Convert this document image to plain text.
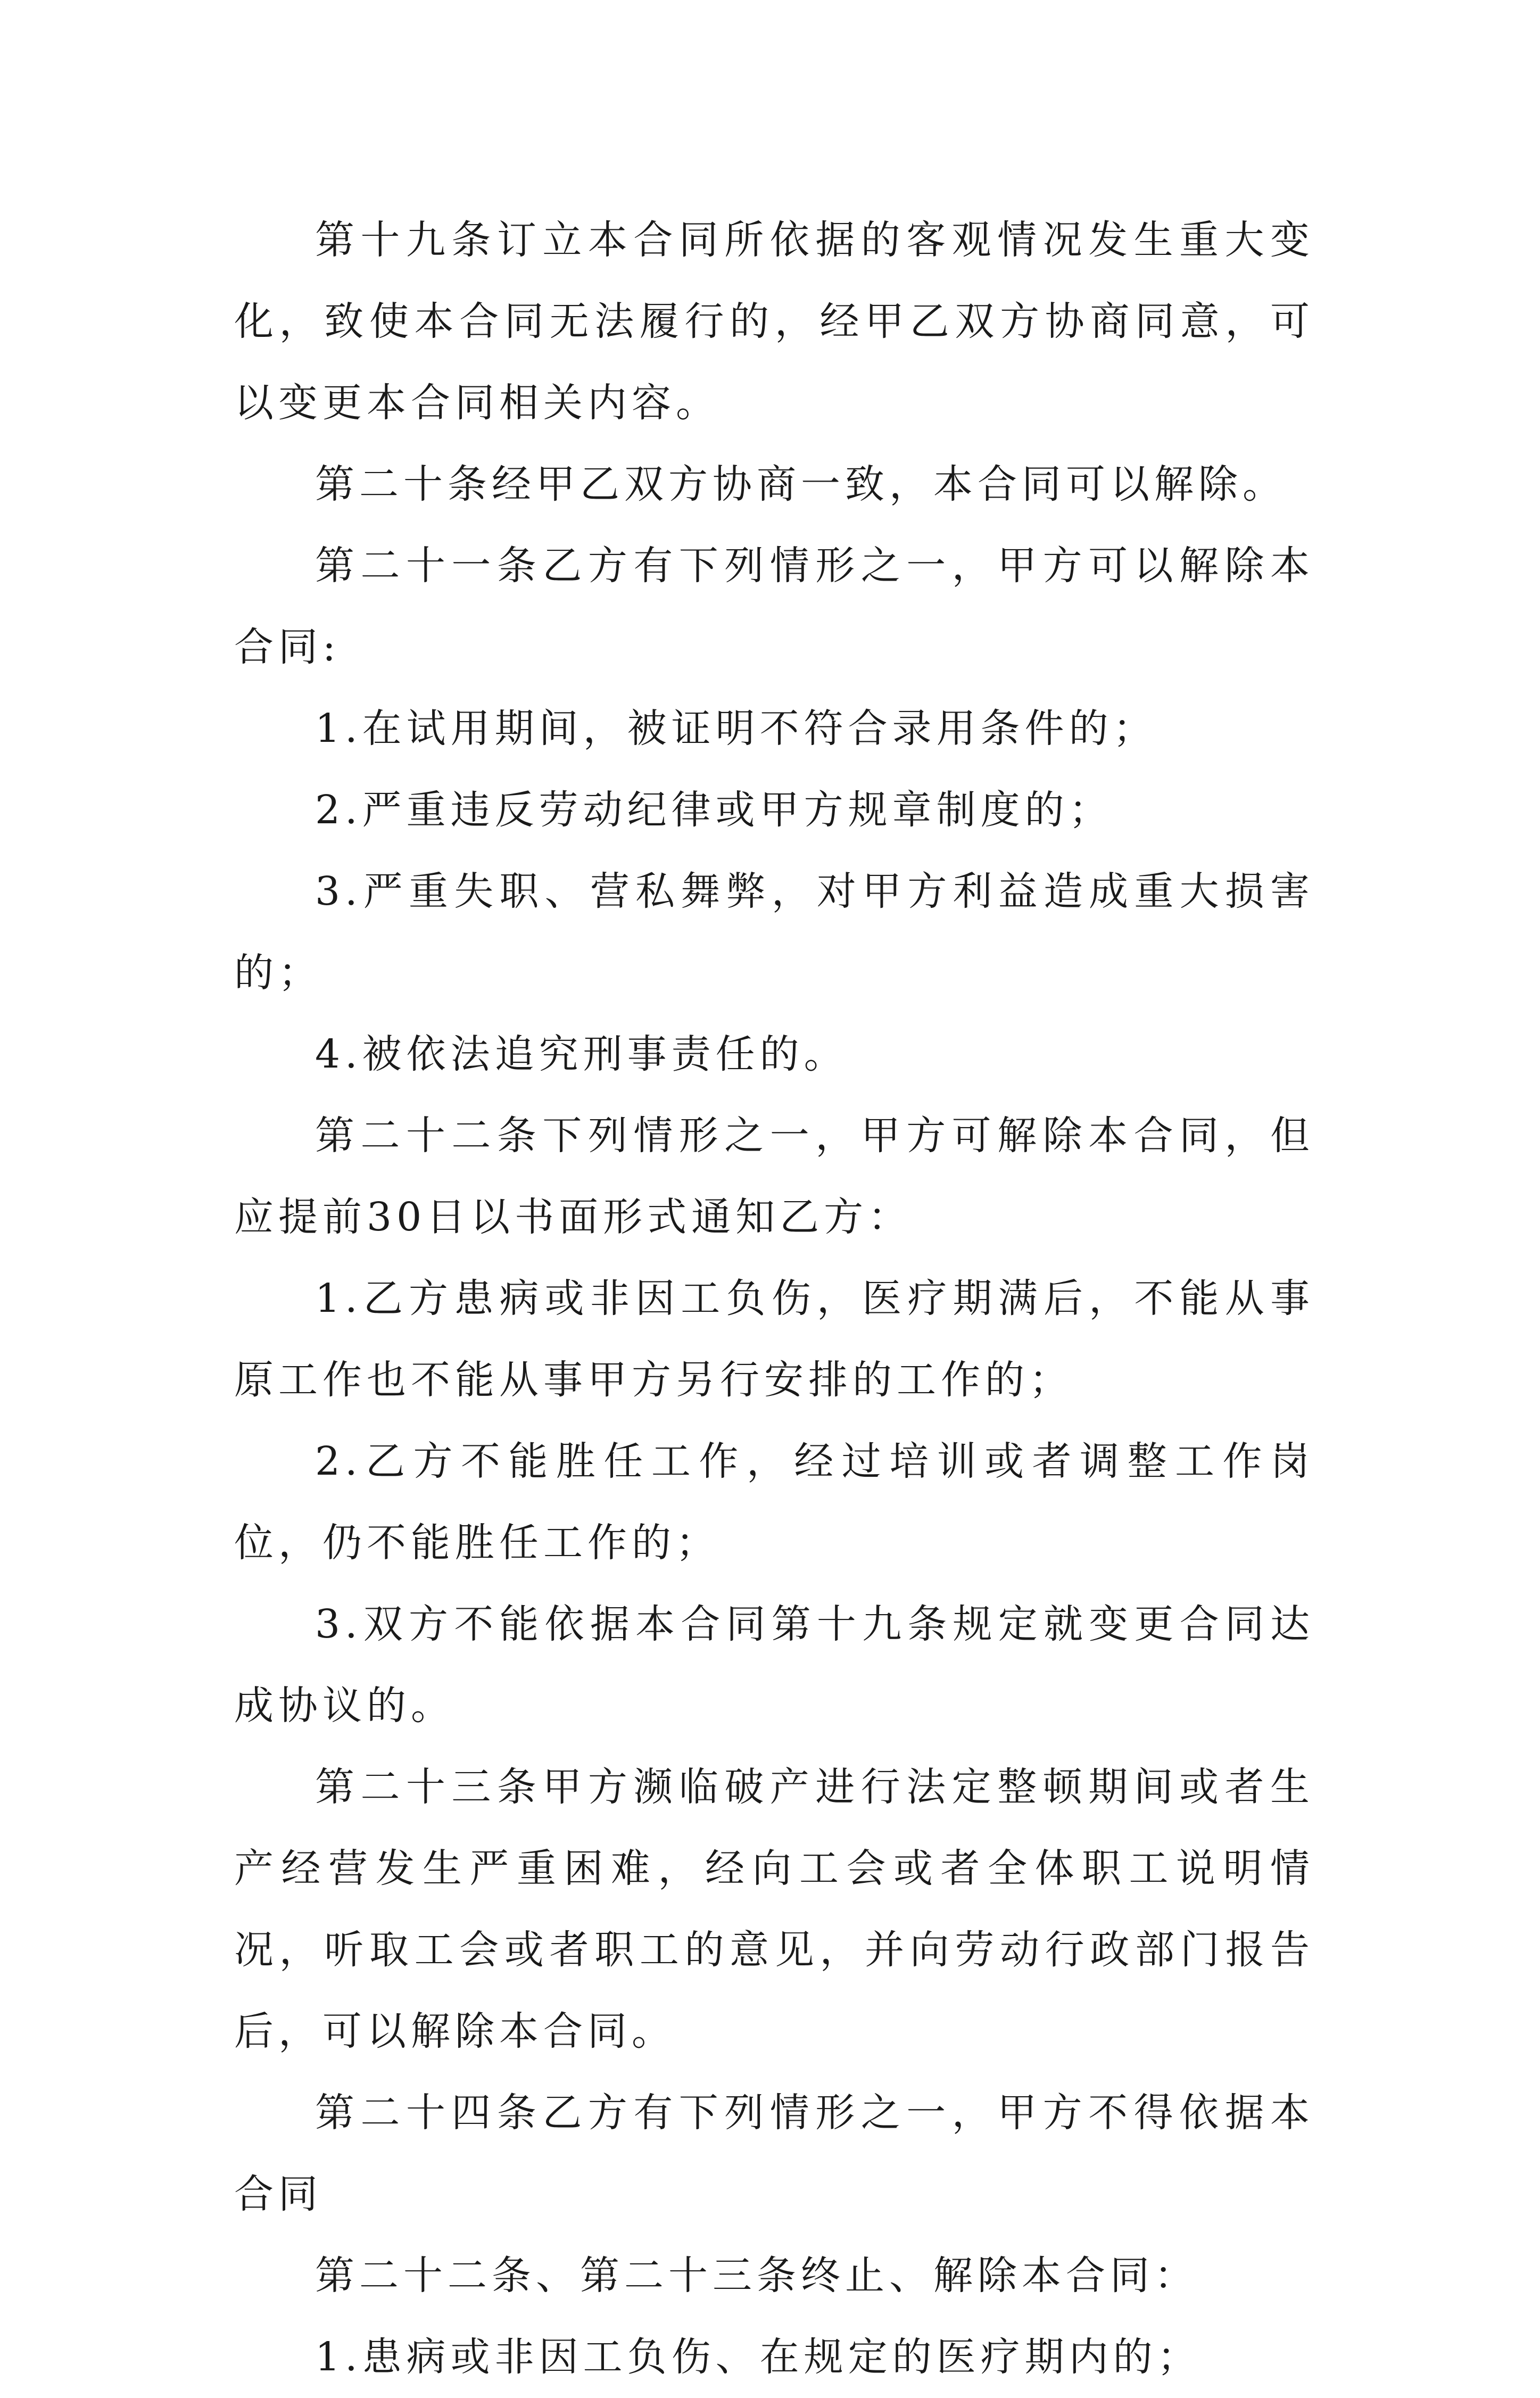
第十九条订立本合同所依据的客观情况发生重大变化，致使本合同无法履行的，经甲乙双方协商同意，可以变更本合同相关内容。

第二十条经甲乙双方协商一致，本合同可以解除。

第二十一条乙方有下列情形之一，甲方可以解除本合同:

1.在试用期间，被证明不符合录用条件的；

2.严重违反劳动纪律或甲方规章制度的；

3.严重失职、营私舞弊，对甲方利益造成重大损害的；

4.被依法追究刑事责任的。

第二十二条下列情形之一，甲方可解除本合同，但应提前30日以书面形式通知乙方：

1.乙方患病或非因工负伤，医疗期满后，不能从事原工作也不能从事甲方另行安排的工作的；

2.乙方不能胜任工作，经过培训或者调整工作岗位，仍不能胜任工作的；

3.双方不能依据本合同第十九条规定就变更合同达成协议的。

第二十三条甲方濒临破产进行法定整顿期间或者生产经营发生严重困难，经向工会或者全体职工说明情况，听取工会或者职工的意见，并向劳动行政部门报告后，可以解除本合同。

第二十四条乙方有下列情形之一，甲方不得依据本合同

第二十二条、第二十三条终止、解除本合同：

1.患病或非因工负伤、在规定的医疗期内的；
